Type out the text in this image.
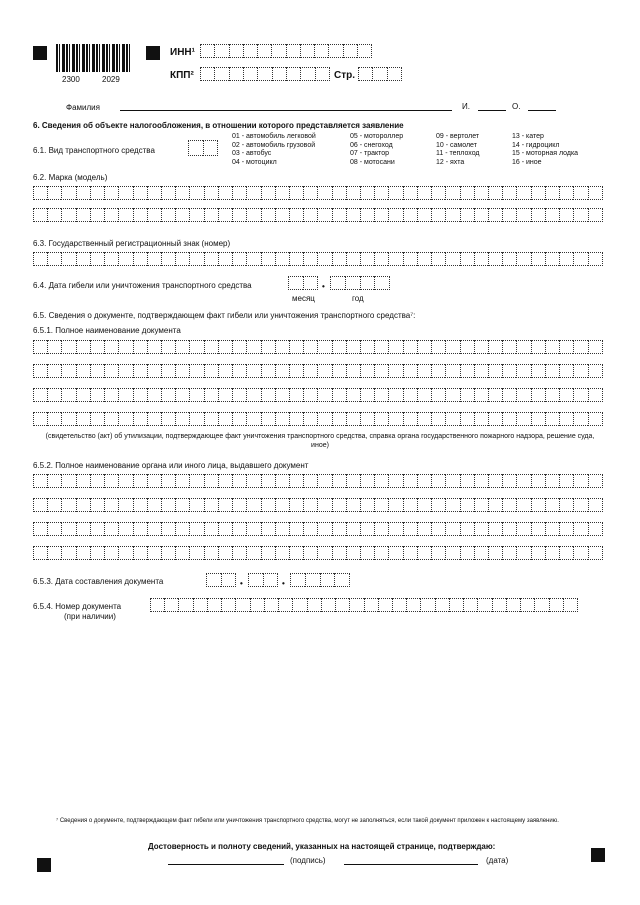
2300	2029
ИНН¹
КПП²	Стр.
Фамилия	И.	О.
6. Сведения об объекте налогообложения, в отношении которого представляется заявление
6.1. Вид транспортного средства
01 - автомобиль легковой
02 - автомобиль грузовой
03 - автобус
04 - мотоцикл
05 - мотороллер
06 - снегоход
07 - трактор
08 - мотосани
09 - вертолет
10 - самолет
11 - теплоход
12 - яхта
13 - катер
14 - гидроцикл
15 - моторная лодка
16 - иное
6.2. Марка (модель)
6.3. Государственный регистрационный знак (номер)
6.4. Дата гибели или уничтожения транспортного средства	•
месяц	год
6.5. Сведения о документе, подтверждающем факт гибели или уничтожения транспортного средства⁷:
6.5.1. Полное наименование документа
(свидетельство (акт) об утилизации, подтверждающее факт уничтожения транспортного средства, справка органа государственного пожарного надзора, решение суда, иное)
6.5.2. Полное наименование органа или иного лица, выдавшего документ
6.5.3. Дата составления документа	•	•
6.5.4. Номер документа
(при наличии)
⁷ Сведения о документе, подтверждающем факт гибели или уничтожения транспортного средства, могут не заполняться, если такой документ приложен к настоящему заявлению.
Достоверность и полноту сведений, указанных на настоящей странице, подтверждаю:
(подпись)	(дата)
